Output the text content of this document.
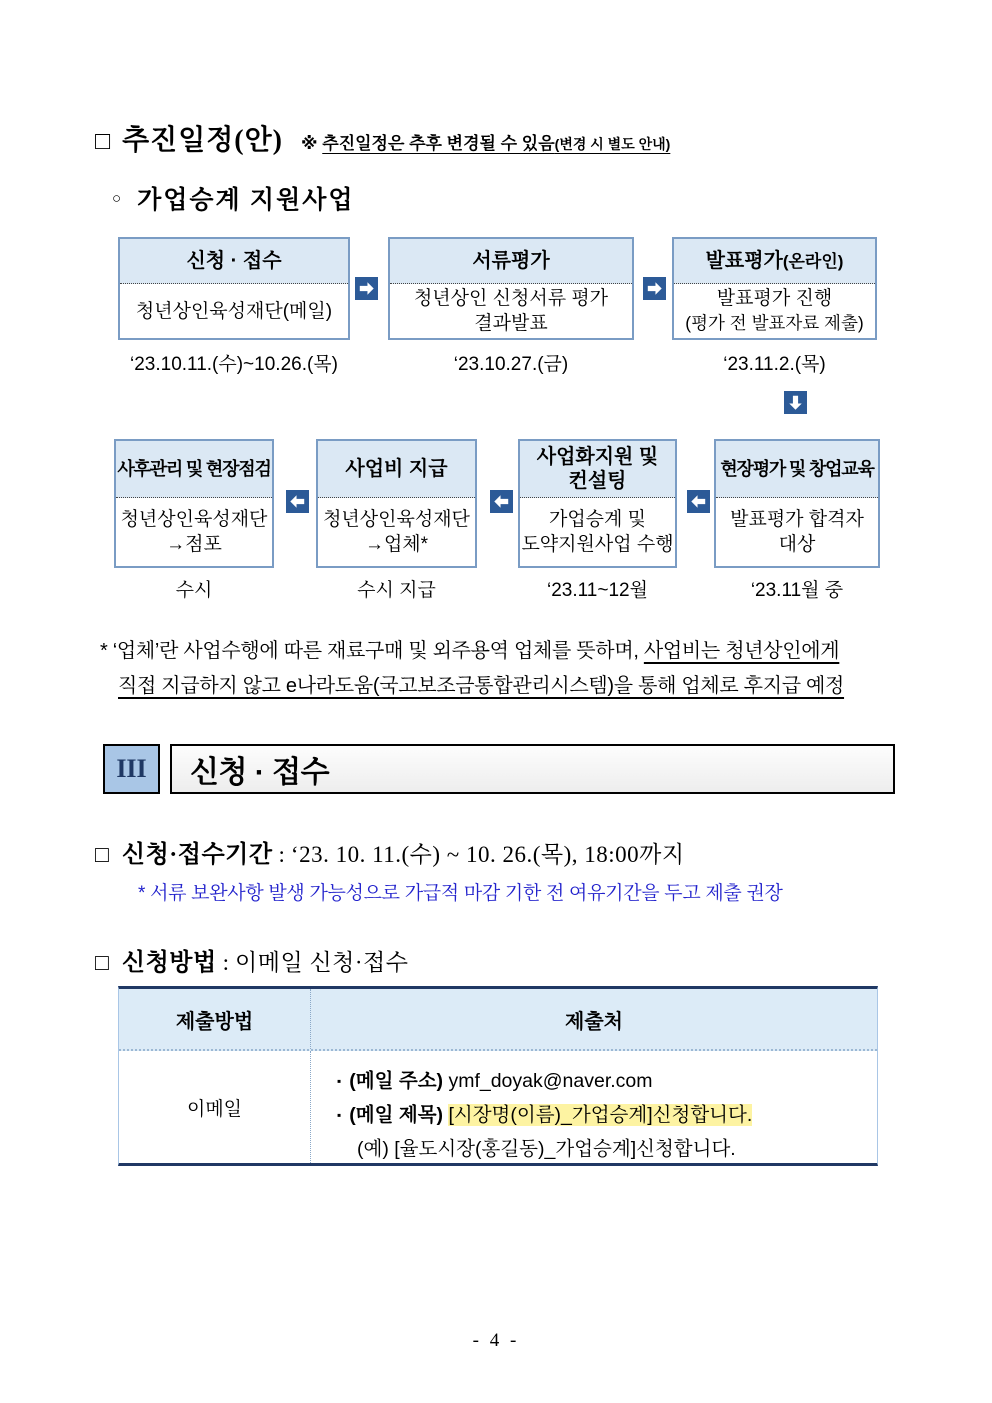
□ 추진일정(안) ※ 추진일정은 추후 변경될 수 있음(변경 시 별도 안내)
○ 가업승계 지원사업
신청 · 접수
청년상인육성재단(메일)
서류평가
청년상인 신청서류 평가
결과발표
발표평가(온라인)
발표평가 진행
(평가 전 발표자료 제출)
‘23.10.11.(수)~10.26.(목)	‘23.10.27.(금)	‘23.11.2.(목)
사후관리 및 현장점검
청년상인육성재단
→점포
사업비 지급
청년상인육성재단
→업체*
사업화지원 및
컨설팅
가업승계 및
도약지원사업 수행
현장평가 및 창업교육
발표평가 합격자
대상
수시	수시 지급	‘23.11~12월	‘23.11월 중
* ‘업체’란 사업수행에 따른 재료구매 및 외주용역 업체를 뜻하며, 사업비는 청년상인에게
직접 지급하지 않고 e나라도움(국고보조금통합관리시스템)을 통해 업체로 후지급 예정
III	신청 · 접수
□ 신청·접수기간 : ‘23. 10. 11.(수) ~ 10. 26.(목), 18:00까지
* 서류 보완사항 발생 가능성으로 가급적 마감 기한 전 여유기간을 두고 제출 권장
□ 신청방법 : 이메일 신청·접수
제출방법	제출처
이메일
▪ (메일 주소) ymf_doyak@naver.com
▪ (메일 제목) [시장명(이름)_가업승계]신청합니다.
(예) [율도시장(홍길동)_가업승계]신청합니다.
- 4 -
